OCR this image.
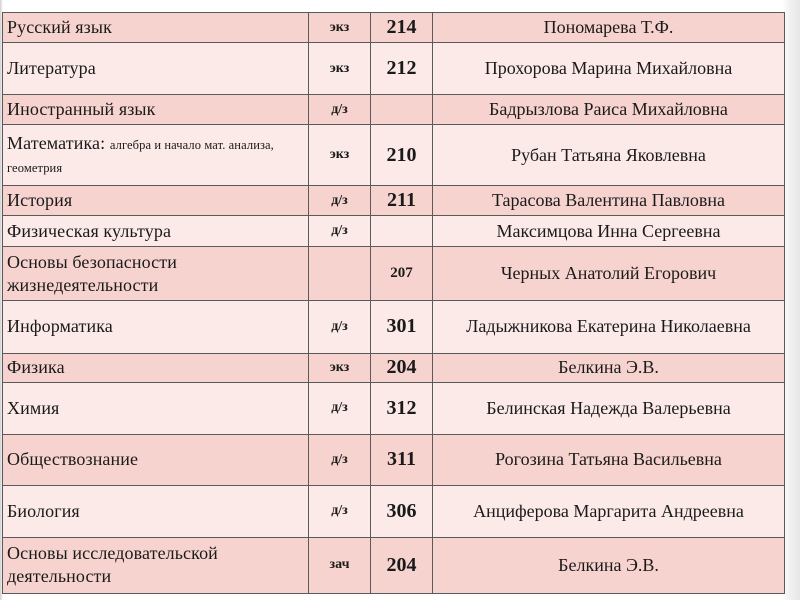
Русский язык	экз	214	Пономарева Т.Ф.
Литература	экз	212	Прохорова Марина Михайловна
Иностранный язык	д/з		Бадрызлова Раиса Михайловна
Математика: алгебра и начало мат. анализа, геометрия	экз	210	Рубан Татьяна Яковлевна
История	д/з	211	Тарасова Валентина Павловна
Физическая культура	д/з		Максимцова Инна Сергеевна
Основы безопасности жизнедеятельности		207	Черных Анатолий Егорович
Информатика	д/з	301	Ладыжникова Екатерина Николаевна
Физика	экз	204	Белкина Э.В.
Химия	д/з	312	Белинская Надежда Валерьевна
Обществознание	д/з	311	Рогозина Татьяна Васильевна
Биология	д/з	306	Анциферова Маргарита Андреевна
Основы исследовательской деятельности	зач	204	Белкина Э.В.
